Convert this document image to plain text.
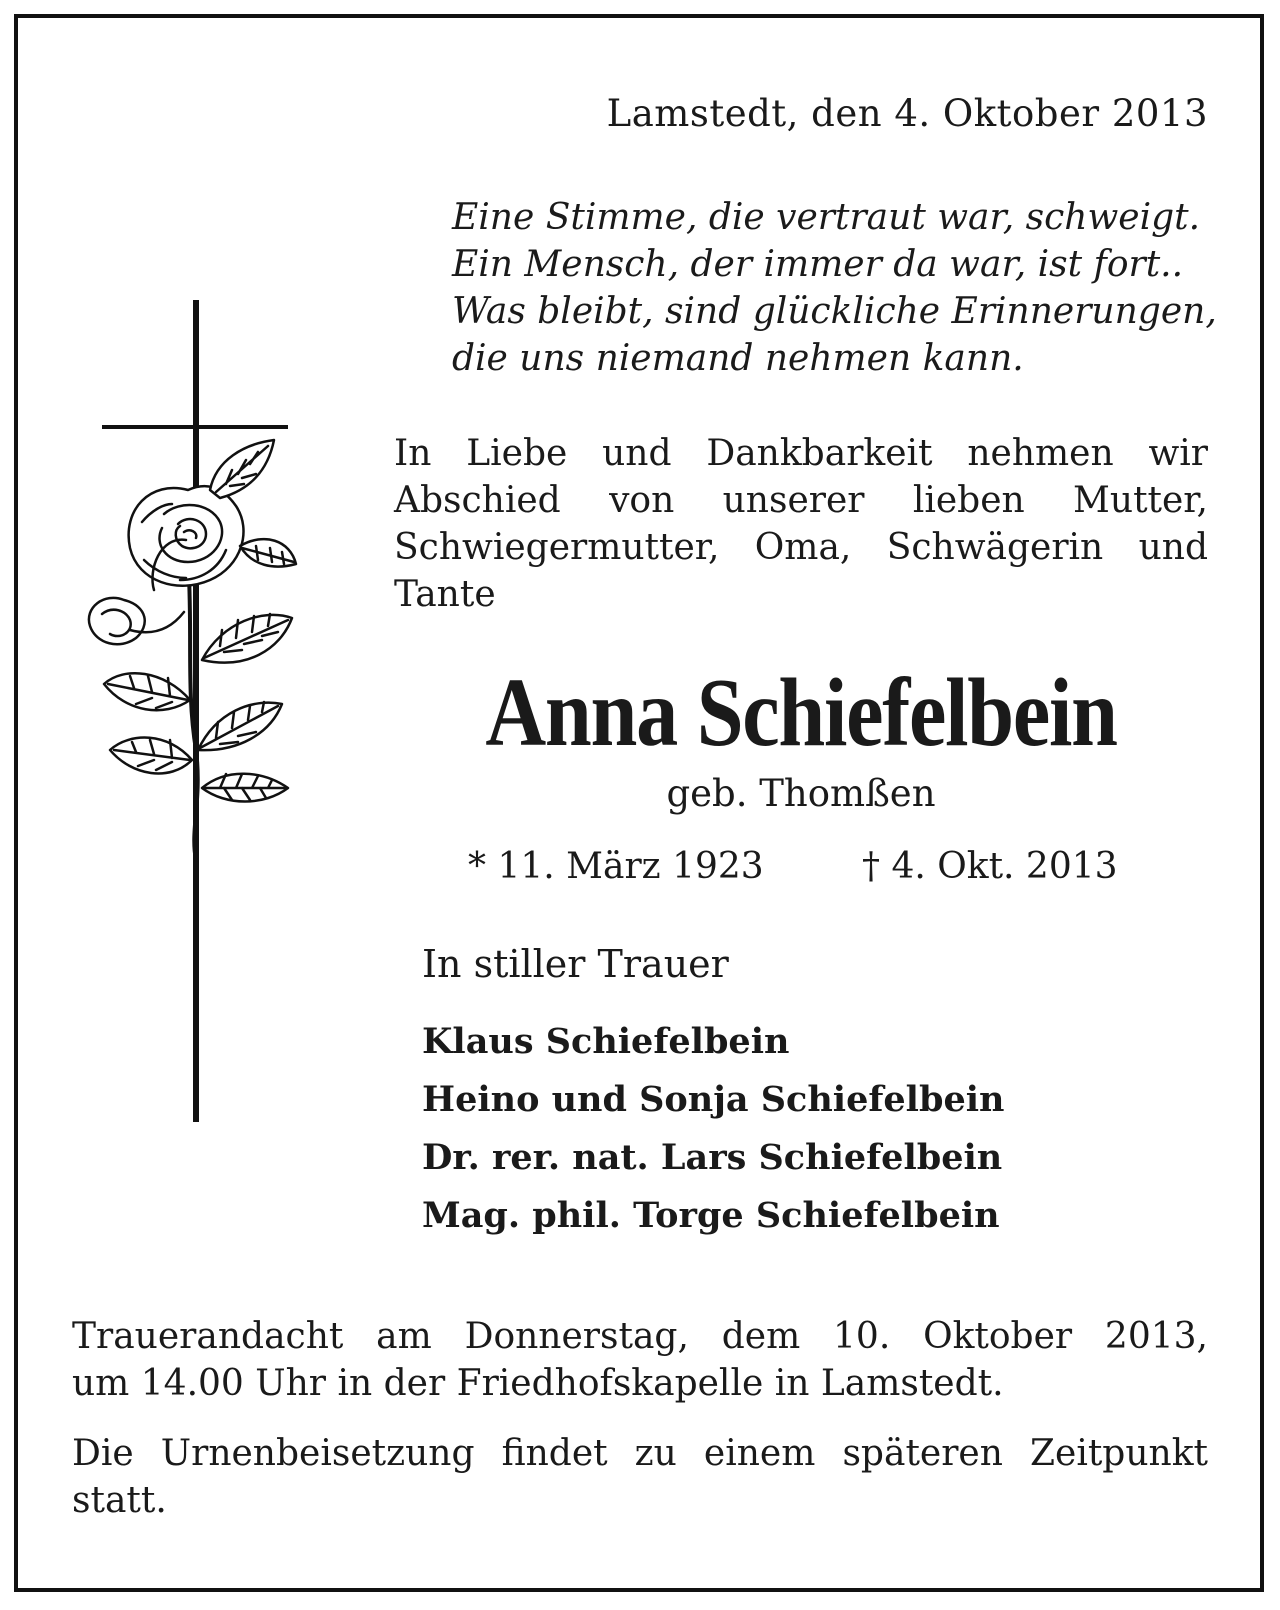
Lamstedt, den 4. Oktober 2013
Eine Stimme, die vertraut war, schweigt.
Ein Mensch, der immer da war, ist fort..
Was bleibt, sind glückliche Erinnerungen,
die uns niemand nehmen kann.
In Liebe und Dankbarkeit nehmen wir Abschied von unserer lieben Mutter, Schwiegermutter, Oma, Schwägerin und Tante
Anna Schiefelbein
geb. Thomßen
* 11. März 1923	† 4. Okt. 2013
In stiller Trauer
Klaus Schiefelbein
Heino und Sonja Schiefelbein
Dr. rer. nat. Lars Schiefelbein
Mag. phil. Torge Schiefelbein
Trauerandacht am Donnerstag, dem 10. Oktober 2013,
um 14.00 Uhr in der Friedhofskapelle in Lamstedt.
Die Urnenbeisetzung findet zu einem späteren Zeitpunkt
statt.
